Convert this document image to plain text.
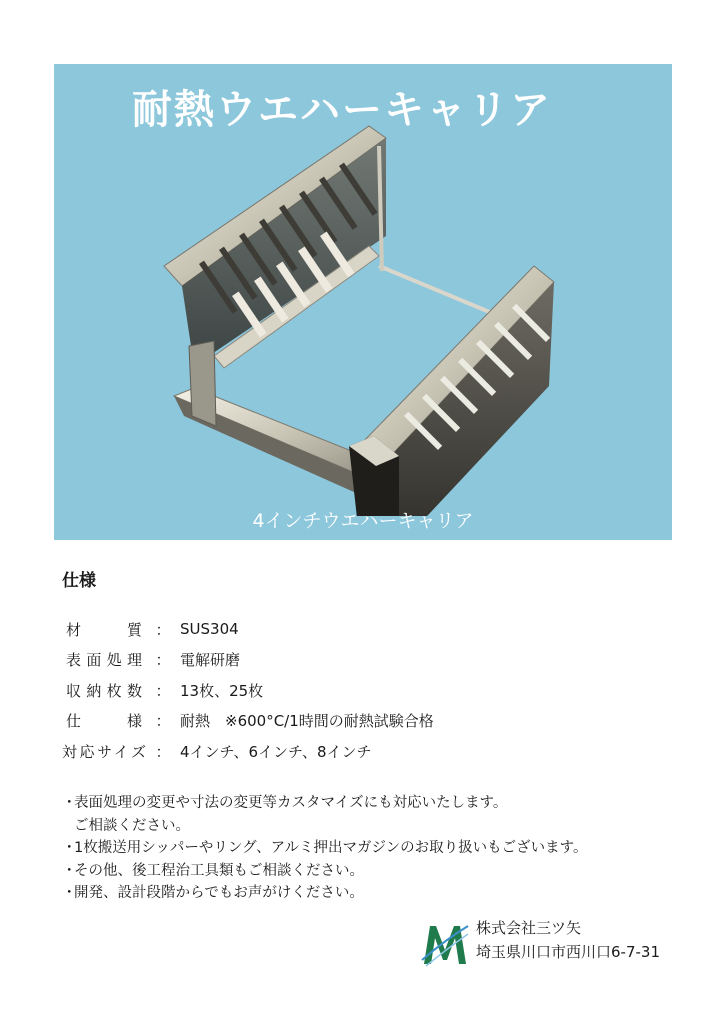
耐熱ウエハーキャリア
4インチウエハーキャリア
仕様
材　質 ： SUS304
表面処理 ： 電解研磨
収納枚数 ： 13枚、25枚
仕　様 ： 耐熱　※600°C/1時間の耐熱試験合格
対応サイズ ： 4インチ、6インチ、8インチ
・
表面処理の変更や寸法の変更等カスタマイズにも対応いたします。
ご相談ください。
・
1枚搬送用シッパーやリング、アルミ押出マガジンのお取り扱いもございます。
・
その他、後工程治工具類もご相談ください。
・
開発、設計段階からでもお声がけください。
株式会社三ツ矢
埼玉県川口市西川口6-7-31
